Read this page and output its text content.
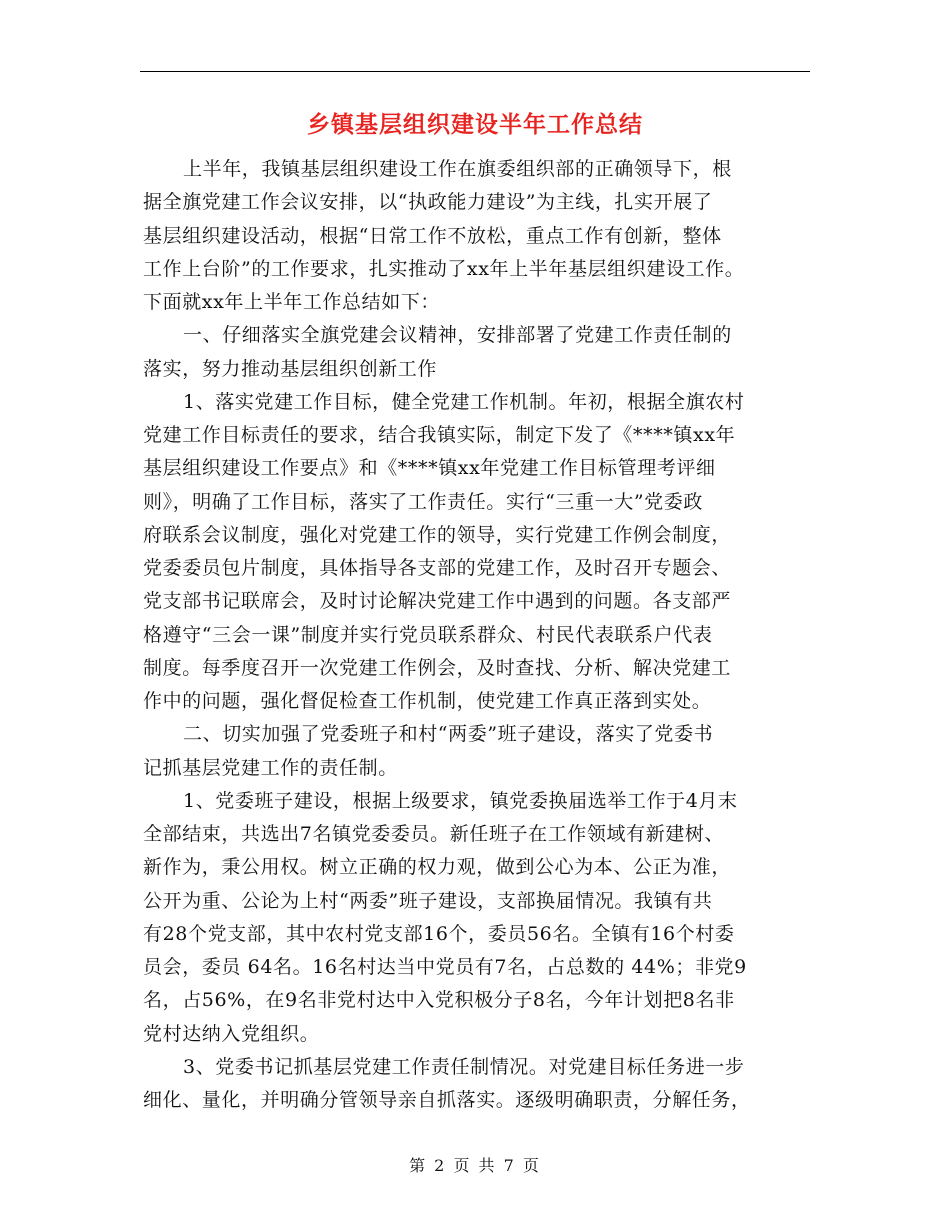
乡镇基层组织建设半年工作总结
上半年，我镇基层组织建设工作在旗委组织部的正确领导下，根
据全旗党建工作会议安排，以“执政能力建设”为主线，扎实开展了
基层组织建设活动，根据“日常工作不放松，重点工作有创新，整体
工作上台阶”的工作要求，扎实推动了xx年上半年基层组织建设工作。
下面就xx年上半年工作总结如下：
一、仔细落实全旗党建会议精神，安排部署了党建工作责任制的
落实，努力推动基层组织创新工作
1、落实党建工作目标，健全党建工作机制。年初，根据全旗农村
党建工作目标责任的要求，结合我镇实际，制定下发了《****镇xx年
基层组织建设工作要点》和《****镇xx年党建工作目标管理考评细
则》，明确了工作目标，落实了工作责任。实行“三重一大”党委政
府联系会议制度，强化对党建工作的领导，实行党建工作例会制度，
党委委员包片制度，具体指导各支部的党建工作，及时召开专题会、
党支部书记联席会，及时讨论解决党建工作中遇到的问题。各支部严
格遵守“三会一课”制度并实行党员联系群众、村民代表联系户代表
制度。每季度召开一次党建工作例会，及时查找、分析、解决党建工
作中的问题，强化督促检查工作机制，使党建工作真正落到实处。
二、切实加强了党委班子和村“两委”班子建设，落实了党委书
记抓基层党建工作的责任制。
1、党委班子建设，根据上级要求，镇党委换届选举工作于4月末
全部结束，共选出7名镇党委委员。新任班子在工作领域有新建树、
新作为，秉公用权。树立正确的权力观，做到公心为本、公正为准，
公开为重、公论为上村“两委”班子建设，支部换届情况。我镇有共
有28个党支部，其中农村党支部16个，委员56名。全镇有16个村委
员会，委员 64名。16名村达当中党员有7名，占总数的 44%；非党9
名，占56%，在9名非党村达中入党积极分子8名，今年计划把8名非
党村达纳入党组织。
3、党委书记抓基层党建工作责任制情况。对党建目标任务进一步
细化、量化，并明确分管领导亲自抓落实。逐级明确职责，分解任务，
第 2 页 共 7 页
